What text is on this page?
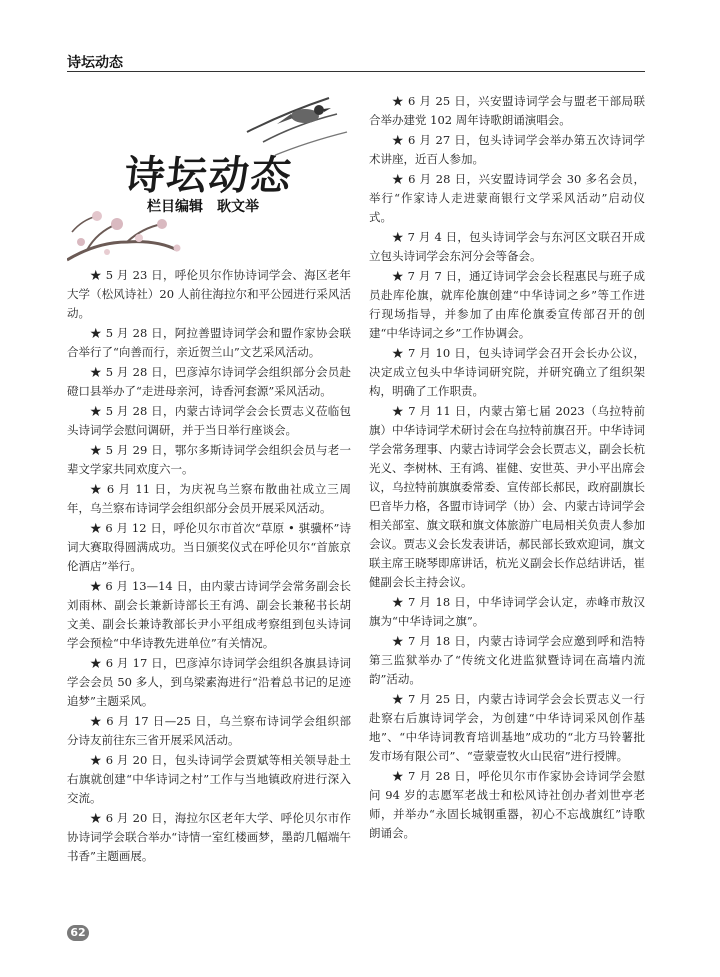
诗坛动态
诗坛动态
栏目编辑　耿文举

★ 5 月 23 日，呼伦贝尔作协诗词学会、海区老年大学（松风诗社）20 人前往海拉尔和平公园进行采风活动。

★ 5 月 28 日，阿拉善盟诗词学会和盟作家协会联合举行了“向善而行，亲近贺兰山”文艺采风活动。

★ 5 月 28 日，巴彦淖尔诗词学会组织部分会员赴磴口县举办了“走进母亲河，诗香河套源”采风活动。

★ 5 月 28 日，内蒙古诗词学会会长贾志义莅临包头诗词学会慰问调研，并于当日举行座谈会。

★ 5 月 29 日，鄂尔多斯诗词学会组织会员与老一辈文学家共同欢度六一。

★ 6 月 11 日，为庆祝乌兰察布散曲社成立三周年，乌兰察布诗词学会组织部分会员开展采风活动。

★ 6 月 12 日，呼伦贝尔市首次“草原 • 骐骥杯”诗词大赛取得圆满成功。当日颁奖仪式在呼伦贝尔“首旅京伦酒店”举行。

★ 6 月 13—14 日，由内蒙古诗词学会常务副会长刘雨林、副会长兼新诗部长王有鸿、副会长兼秘书长胡文美、副会长兼诗教部长尹小平组成考察组到包头诗词学会预检“中华诗教先进单位”有关情况。

★ 6 月 17 日，巴彦淖尔诗词学会组织各旗县诗词学会会员 50 多人，到乌梁素海进行“沿着总书记的足迹追梦”主题采风。

★ 6 月 17 日—25 日，乌兰察布诗词学会组织部分诗友前往东三省开展采风活动。

★ 6 月 20 日，包头诗词学会贾斌等相关领导赴土右旗就创建“中华诗词之村”工作与当地镇政府进行深入交流。

★ 6 月 20 日，海拉尔区老年大学、呼伦贝尔市作协诗词学会联合举办“诗情一室红楼画梦，墨韵几幅端午书香”主题画展。

★ 6 月 25 日，兴安盟诗词学会与盟老干部局联合举办建党 102 周年诗歌朗诵演唱会。

★ 6 月 27 日，包头诗词学会举办第五次诗词学术讲座，近百人参加。

★ 6 月 28 日，兴安盟诗词学会 30 多名会员，举行“作家诗人走进蒙商银行文学采风活动”启动仪式。

★ 7 月 4 日，包头诗词学会与东河区文联召开成立包头诗词学会东河分会等备会。

★ 7 月 7 日，通辽诗词学会会长程惠民与班子成员赴库伦旗，就库伦旗创建“中华诗词之乡”等工作进行现场指导，并参加了由库伦旗委宣传部召开的创建“中华诗词之乡”工作协调会。

★ 7 月 10 日，包头诗词学会召开会长办公议，决定成立包头中华诗词研究院，并研究确立了组织架构，明确了工作职责。

★ 7 月 11 日，内蒙古第七届 2023（乌拉特前旗）中华诗词学术研讨会在乌拉特前旗召开。中华诗词学会常务理事、内蒙古诗词学会会长贾志义，副会长杭光义、李树林、王有鸿、崔健、安世英、尹小平出席会议，乌拉特前旗旗委常委、宣传部长郝民，政府副旗长巴音毕力格，各盟市诗词学（协）会、内蒙古诗词学会相关部室、旗文联和旗文体旅游广电局相关负责人参加会议。贾志义会长发表讲话，郝民部长致欢迎词，旗文联主席王晓琴即席讲话，杭光义副会长作总结讲话，崔健副会长主持会议。

★ 7 月 18 日，中华诗词学会认定，赤峰市敖汉旗为“中华诗词之旗”。

★ 7 月 18 日，内蒙古诗词学会应邀到呼和浩特第三监狱举办了“传统文化进监狱暨诗词在高墙内流韵”活动。

★ 7 月 25 日，内蒙古诗词学会会长贾志义一行赴察右后旗诗词学会，为创建“中华诗词采风创作基地”、“中华诗词教育培训基地”成功的“北方马铃薯批发市场有限公司”、“壹蒙壹牧火山民宿”进行授牌。

★ 7 月 28 日，呼伦贝尔市作家协会诗词学会慰问 94 岁的志愿军老战士和松风诗社创办者刘世亭老师，并举办“永固长城钢重器，初心不忘战旗红”诗歌朗诵会。

62
